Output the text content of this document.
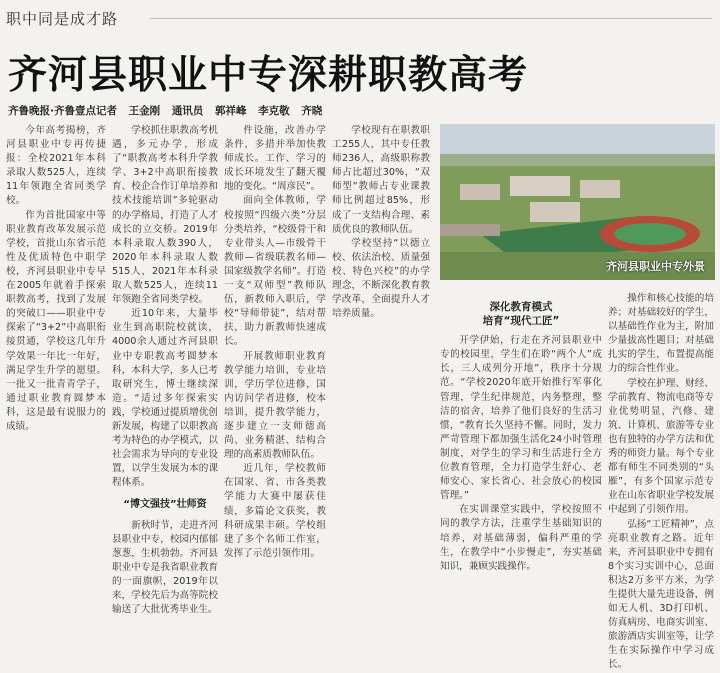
职中同是成才路
齐河县职业中专深耕职教高考
齐鲁晚报·齐鲁壹点记者 王金刚 通讯员 郭祥峰 李克敬 齐晓

今年高考揭榜，齐河县职业中专再传捷报：全校2021年本科录取人数525人，连续11年领跑全省同类学校。

作为首批国家中等职业教育改革发展示范学校，首批山东省示范性及优质特色中职学校，齐河县职业中专早在2005年就着手探索职教高考，找到了发展的突破口——职业中专探索了“3+2”中高职衔接贯通，学校这几年升学效果一年比一年好，满足学生升学的愿望。一批又一批青青学子，通过职业教育圆梦本科，这是最有说服力的成绩。

学校抓住职教高考机遇，多元办学，形成了“职教高考本科升学教学、3+2中高职衔接教育、校企合作订单培养和技术技能培训”多轮驱动的办学格局，打造了人才成长的立交桥。2019年本科录取人数390人，2020年本科录取人数515人，2021年本科录取人数525人，连续11年领跑全省同类学校。

近10年来，大量毕业生到高职院校就读，4000余人通过齐河县职业中专职教高考圆梦本科，本科大学，多人已考取研究生，博士继续深造。“适过多年探索实践，学校通过提质增优创新发展，构建了以职教高考为特色的办学模式，以社会需求为导向的专业设置，以学生发展为本的课程体系。

“博文强技”壮师资

新秋时节，走进齐河县职业中专，校园内郁郁葱葱，生机勃勃。齐河县职业中专是我省职业教育的一面旗帜，2019年以来，学校先后为高等院校输送了大批优秀毕业生。

件设施，改善办学条件，多措并举加快教师成长。工作、学习的成长环境发生了翻天覆地的变化。“周彦民”。

面向全体教师，学校按照“四级六类”分层分类培养，“校级骨干和专业带头人—市级骨干教师—省级联教名师—国家级教学名师”。打造一支“双师型”教师队伍，新教师入职后，学校“导师带徒”，结对帮扶，助力新教师快速成长。

开展教师职业教育教学能力培训，专业培训，学历学位进修，国内访问学者进修，校本培训，提升教学能力，逐步建立一支师德高尚、业务精湛、结构合理的高素质教师队伍。

近几年，学校教师在国家、省、市各类教学能力大赛中屡获佳绩，多篇论文获奖，教科研成果丰硕。学校组建了多个名师工作室，发挥了示范引领作用。

学校现有在职教职工255人，其中专任教师236人，高级职称教师占比超过30%，“双师型”教师占专业课教师比例超过85%，形成了一支结构合理、素质优良的教师队伍。

学校坚持“以德立校、依法治校、质量强校、特色兴校”的办学理念，不断深化教育教学改革，全面提升人才培养质量。

齐河县职业中专外景
深化教育模式
培育“现代工匠”

开学伊始，行走在齐河县职业中专的校园里，学生们在聆“两个人”成长，三人成列分开地”，秩序十分规范。“学校2020年底开始推行军事化管理，学生纪律规范，内务整理，整洁的宿舍，培养了他们良好的生活习惯，“教育长久坚持不懈。同时，发力严苛管理下都加强生活化24小时管理制度，对学生的学习和生活进行全方位教育管理，全力打造学生舒心、老师安心、家长省心、社会放心的校园管理。”

在实训课堂实践中，学校按照不同的教学方法，注重学生基础知识的培养，对基础薄弱，偏科严重的学生，在教学中“小步慢走”，夯实基础知识，兼顾实践操作。

操作和核心技能的培养；对基础较好的学生，以基础性作业为主，附加少量拔高性题目；对基础扎实的学生，布置提高能力的综合性作业。

学校在护理、财经、学前教育、物流电商等专业优势明显，汽修、建筑、计算机、旅游等专业也有独特的办学方法和优秀的师资力量。每个专业都有师生不同类别的“头雁”，有多个国家示范专业在山东省职业学校发展中起到了引领作用。

弘扬“工匠精神”，点亮职业教育之路。近年来，齐河县职业中专拥有8个实习实训中心，总面积达2万多平方米，为学生提供大量先进设备，例如无人机、3D打印机、仿真病房、电商实训室、旅游酒店实训室等，让学生在实际操作中学习成长。
